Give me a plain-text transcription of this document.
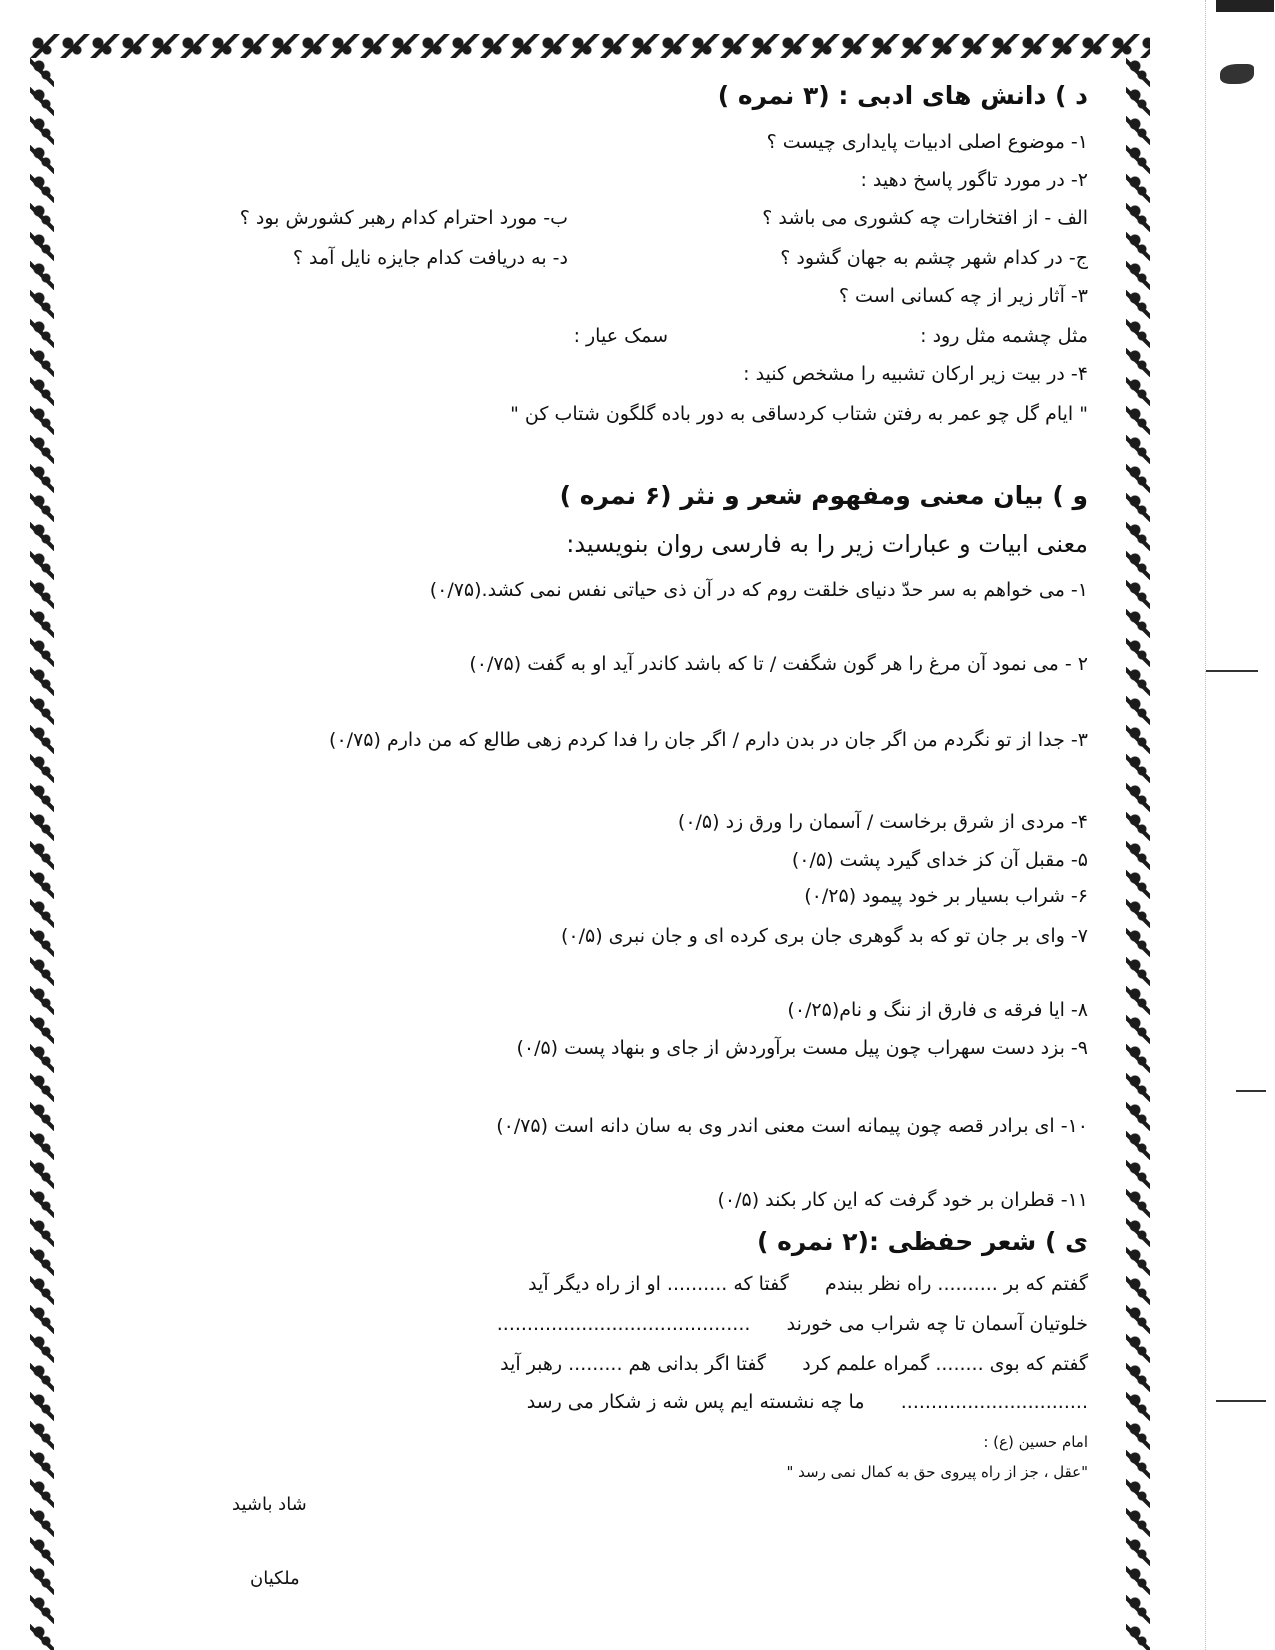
د ) دانش های ادبی : (۳ نمره )
۱- موضوع اصلی ادبیات پایداری چیست ؟
۲- در مورد تاگور پاسخ دهید :
الف - از افتخارات چه کشوری می باشد ؟
ب- مورد احترام کدام رهبر کشورش بود ؟
ج- در کدام شهر چشم به جهان گشود ؟
د- به دریافت کدام جایزه نایل آمد ؟
۳- آثار زیر از چه کسانی است ؟
مثل چشمه مثل رود :
سمک عیار :
۴- در بیت زیر ارکان تشبیه را مشخص کنید :
ساقی به دور باده گلگون شتاب کن " " ایام گل چو عمر به رفتن شتاب کرد
و ) بیان معنی ومفهوم شعر و نثر (۶ نمره )
معنی ابیات و عبارات زیر را به فارسی روان بنویسید:
۱- می خواهم به سر حدّ دنیای خلقت روم که در آن ذی حیاتی نفس نمی کشد.(۰/۷۵)
۲ - می نمود آن مرغ را هر گون شگفت / تا که باشد کاندر آید او به گفت (۰/۷۵)
۳- جدا از تو نگردم من اگر جان در بدن دارم / اگر جان را فدا کردم زهی طالع که من دارم (۰/۷۵)
۴- مردی از شرق برخاست / آسمان را ورق زد (۰/۵)
۵- مقبل آن کز خدای گیرد پشت (۰/۵)
۶- شراب بسیار بر خود پیمود (۰/۲۵)
۷- وای بر جان تو که بد گوهری جان بری کرده ای و جان نبری (۰/۵)
۸- ایا فرقه ی فارق از ننگ و نام(۰/۲۵)
۹- بزد دست سهراب چون پیل مست برآوردش از جای و بنهاد پست (۰/۵)
۱۰- ای برادر قصه چون پیمانه است معنی اندر وی به سان دانه است (۰/۷۵)
۱۱- قطران بر خود گرفت که این کار بکند (۰/۵)
ی ) شعر حفظی :(۲ نمره )
گفتم که بر .......... راه نظر ببندم      گفتا که .......... او از راه دیگر آید
خلوتیان آسمان تا چه شراب می خورند      ..........................................
گفتم که بوی ........ گمراه علمم کرد      گفتا اگر بدانی هم ......... رهبر آید
...............................      ما چه نشسته ایم پس شه ز شکار می رسد
امام حسین (ع) :
"عقل ، جز از راه پیروی حق به کمال نمی رسد "
شاد باشید
ملکیان
